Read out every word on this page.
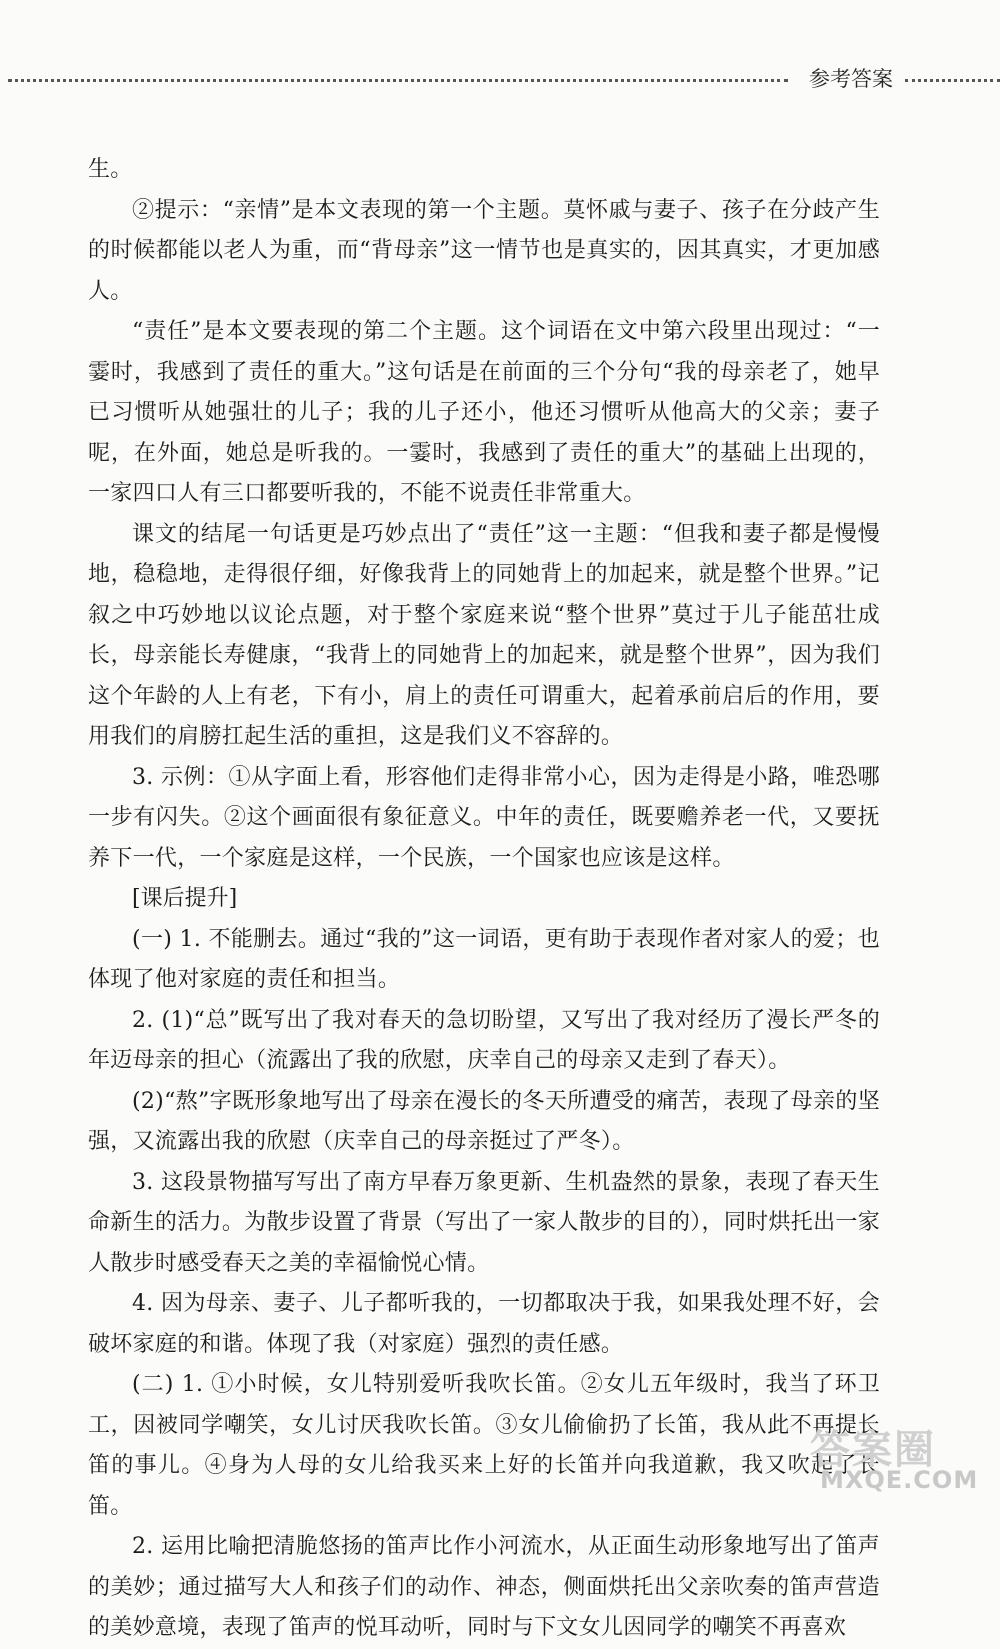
参考答案

生。

②提示：“亲情”是本文表现的第一个主题。莫怀戚与妻子、孩子在分歧产生的时候都能以老人为重，而“背母亲”这一情节也是真实的，因其真实，才更加感人。

“责任”是本文要表现的第二个主题。这个词语在文中第六段里出现过：“一霎时，我感到了责任的重大。”这句话是在前面的三个分句“我的母亲老了，她早已习惯听从她强壮的儿子；我的儿子还小，他还习惯听从他高大的父亲；妻子呢，在外面，她总是听我的。一霎时，我感到了责任的重大”的基础上出现的，一家四口人有三口都要听我的，不能不说责任非常重大。

课文的结尾一句话更是巧妙点出了“责任”这一主题：“但我和妻子都是慢慢地，稳稳地，走得很仔细，好像我背上的同她背上的加起来，就是整个世界。”记叙之中巧妙地以议论点题，对于整个家庭来说“整个世界”莫过于儿子能茁壮成长，母亲能长寿健康，“我背上的同她背上的加起来，就是整个世界”，因为我们这个年龄的人上有老，下有小，肩上的责任可谓重大，起着承前启后的作用，要用我们的肩膀扛起生活的重担，这是我们义不容辞的。

3. 示例：①从字面上看，形容他们走得非常小心，因为走得是小路，唯恐哪一步有闪失。②这个画面很有象征意义。中年的责任，既要赡养老一代，又要抚养下一代，一个家庭是这样，一个民族，一个国家也应该是这样。

[课后提升]

(一) 1. 不能删去。通过“我的”这一词语，更有助于表现作者对家人的爱；也体现了他对家庭的责任和担当。

2. (1)“总”既写出了我对春天的急切盼望，又写出了我对经历了漫长严冬的年迈母亲的担心（流露出了我的欣慰，庆幸自己的母亲又走到了春天）。

(2)“熬”字既形象地写出了母亲在漫长的冬天所遭受的痛苦，表现了母亲的坚强，又流露出我的欣慰（庆幸自己的母亲挺过了严冬）。

3. 这段景物描写写出了南方早春万象更新、生机盎然的景象，表现了春天生命新生的活力。为散步设置了背景（写出了一家人散步的目的），同时烘托出一家人散步时感受春天之美的幸福愉悦心情。

4. 因为母亲、妻子、儿子都听我的，一切都取决于我，如果我处理不好，会破坏家庭的和谐。体现了我（对家庭）强烈的责任感。

(二) 1. ①小时候，女儿特别爱听我吹长笛。②女儿五年级时，我当了环卫工，因被同学嘲笑，女儿讨厌我吹长笛。③女儿偷偷扔了长笛，我从此不再提长笛的事儿。④身为人母的女儿给我买来上好的长笛并向我道歉，我又吹起了长笛。

2. 运用比喻把清脆悠扬的笛声比作小河流水，从正面生动形象地写出了笛声的美妙；通过描写大人和孩子们的动作、神态，侧面烘托出父亲吹奏的笛声营造的美妙意境，表现了笛声的悦耳动听，同时与下文女儿因同学的嘲笑不再喜欢

答案圈
MXQE.COM
